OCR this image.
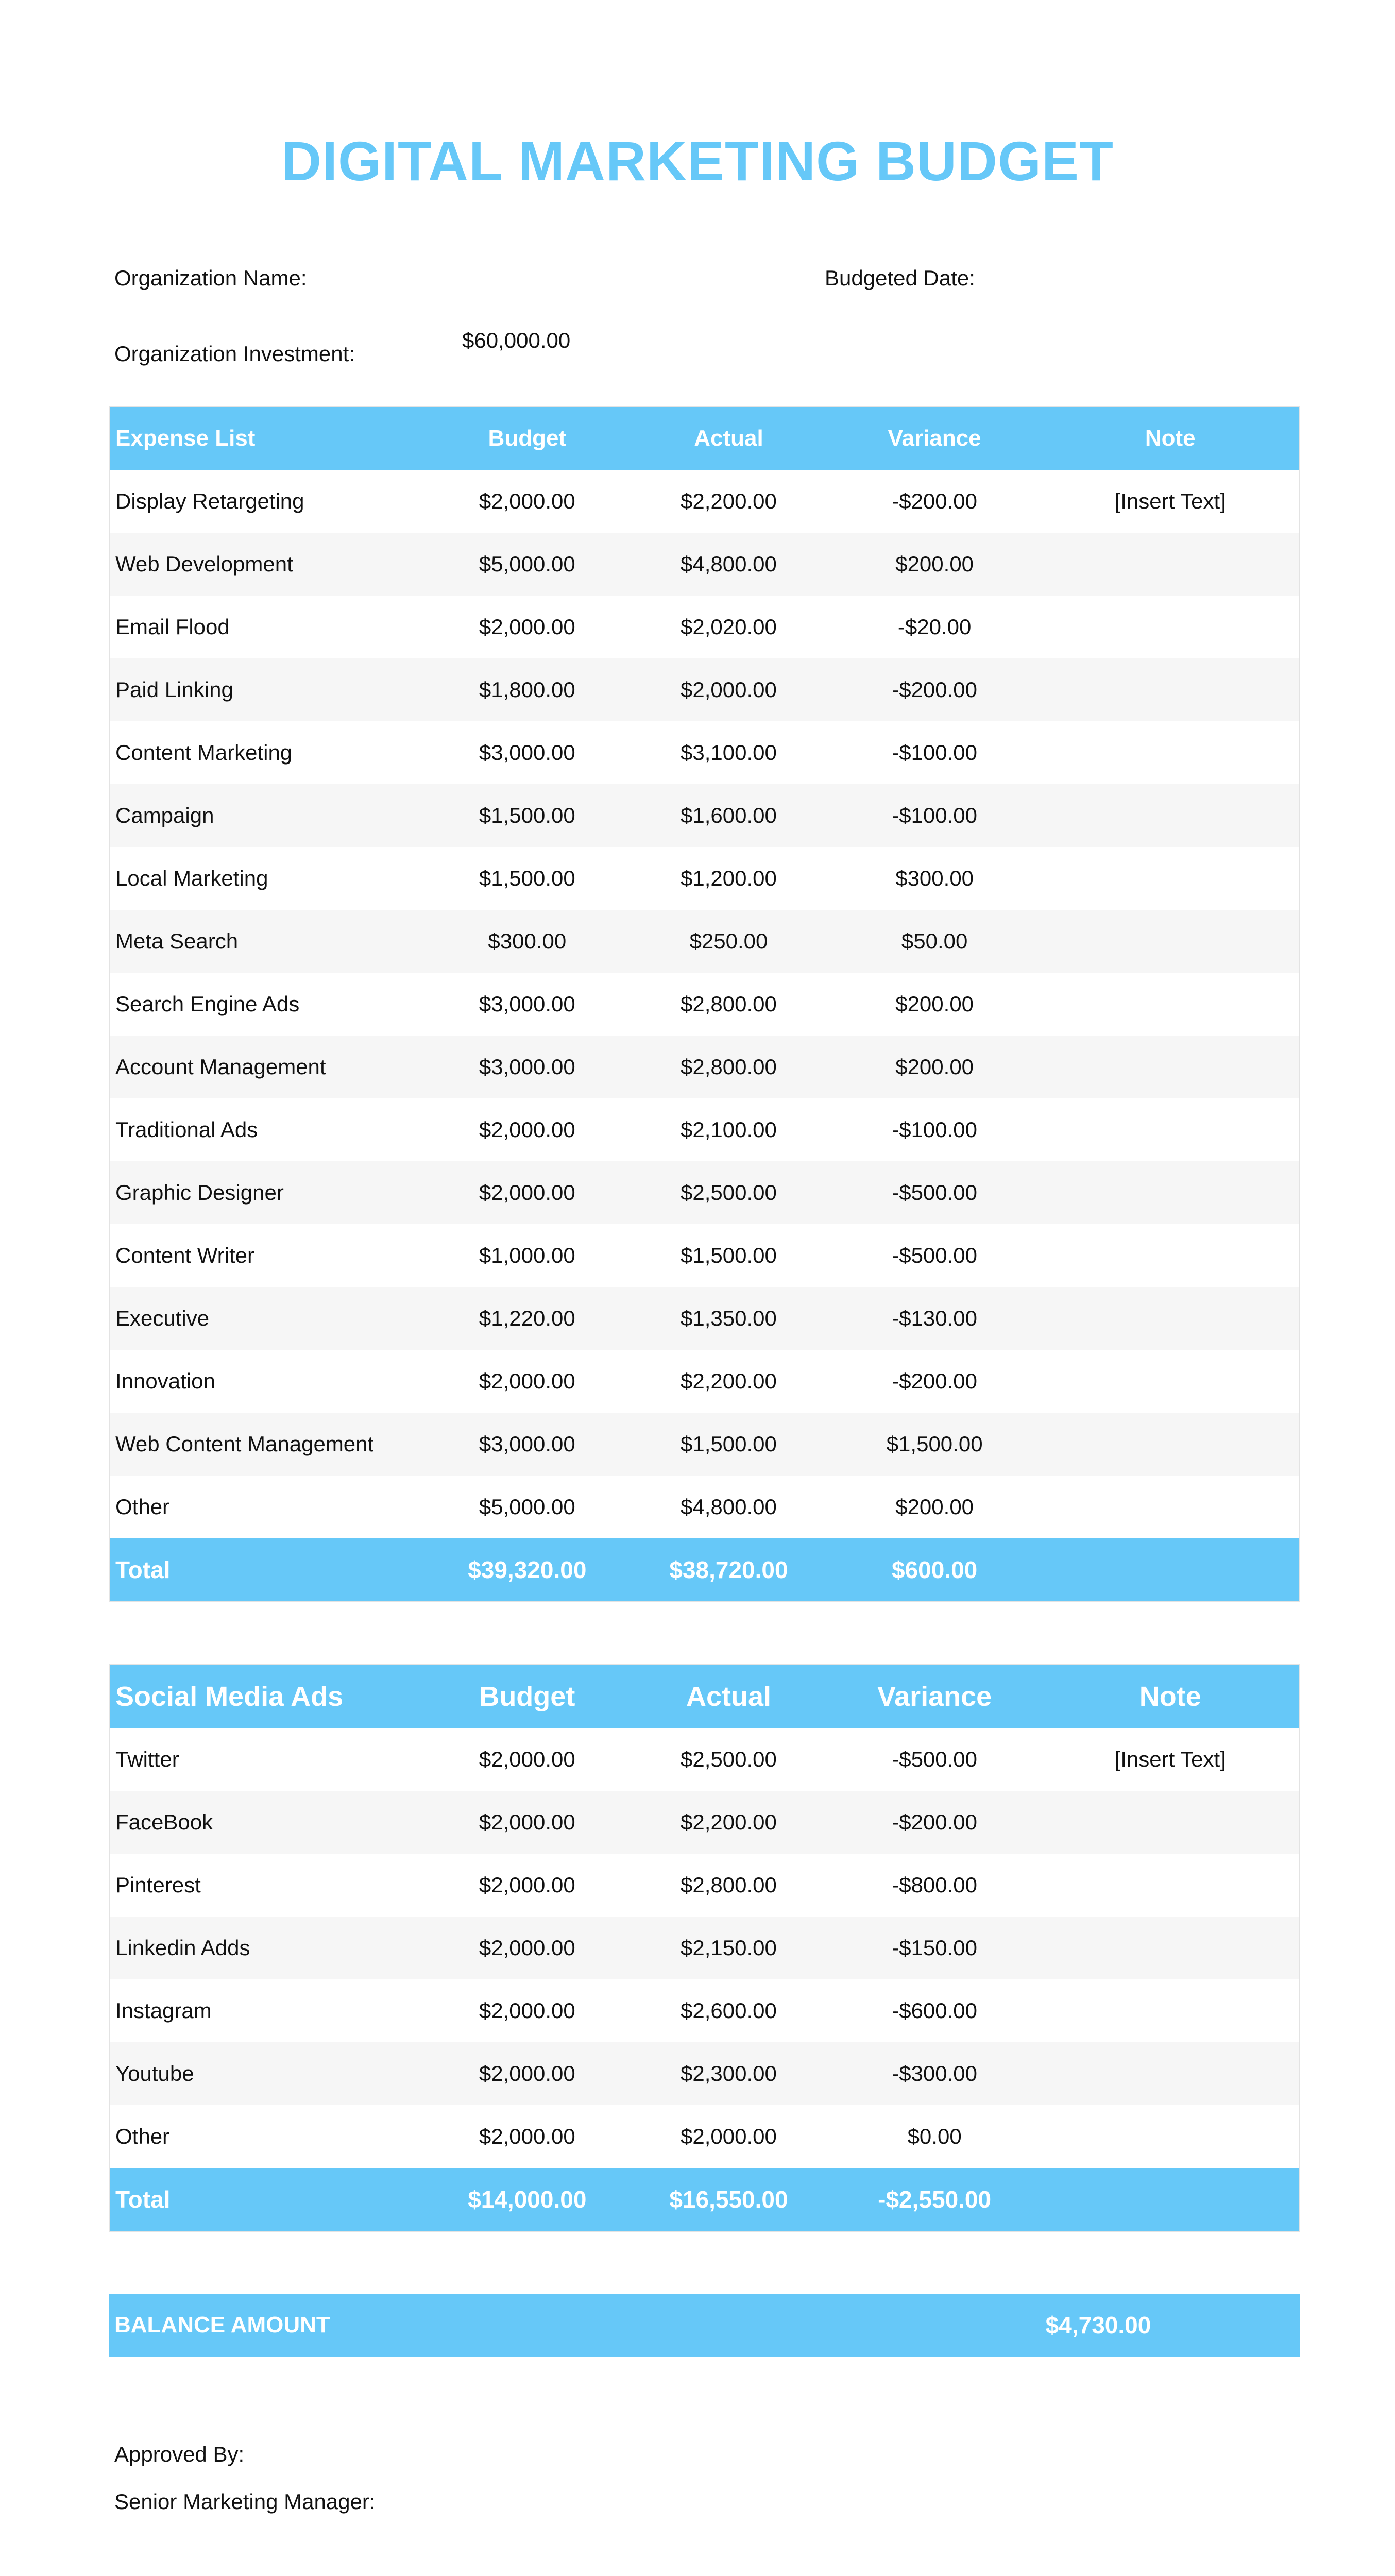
DIGITAL MARKETING BUDGET
Organization Name:	Budgeted Date:
Organization Investment:
$60,000.00
Expense List	Budget	Actual	Variance	Note
Display Retargeting	$2,000.00	$2,200.00	-$200.00	[Insert Text]
Web Development	$5,000.00	$4,800.00	$200.00
Email Flood	$2,000.00	$2,020.00	-$20.00
Paid Linking	$1,800.00	$2,000.00	-$200.00
Content Marketing	$3,000.00	$3,100.00	-$100.00
Campaign	$1,500.00	$1,600.00	-$100.00
Local Marketing	$1,500.00	$1,200.00	$300.00
Meta Search	$300.00	$250.00	$50.00
Search Engine Ads	$3,000.00	$2,800.00	$200.00
Account Management	$3,000.00	$2,800.00	$200.00
Traditional Ads	$2,000.00	$2,100.00	-$100.00
Graphic Designer	$2,000.00	$2,500.00	-$500.00
Content Writer	$1,000.00	$1,500.00	-$500.00
Executive	$1,220.00	$1,350.00	-$130.00
Innovation	$2,000.00	$2,200.00	-$200.00
Web Content Management	$3,000.00	$1,500.00	$1,500.00
Other	$5,000.00	$4,800.00	$200.00
Total	$39,320.00	$38,720.00	$600.00
Social Media Ads	Budget	Actual	Variance	Note
Twitter	$2,000.00	$2,500.00	-$500.00	[Insert Text]
FaceBook	$2,000.00	$2,200.00	-$200.00
Pinterest	$2,000.00	$2,800.00	-$800.00
Linkedin Adds	$2,000.00	$2,150.00	-$150.00
Instagram	$2,000.00	$2,600.00	-$600.00
Youtube	$2,000.00	$2,300.00	-$300.00
Other	$2,000.00	$2,000.00	$0.00
Total	$14,000.00	$16,550.00	-$2,550.00
BALANCE AMOUNT	$4,730.00
Approved By:
Senior Marketing Manager:
